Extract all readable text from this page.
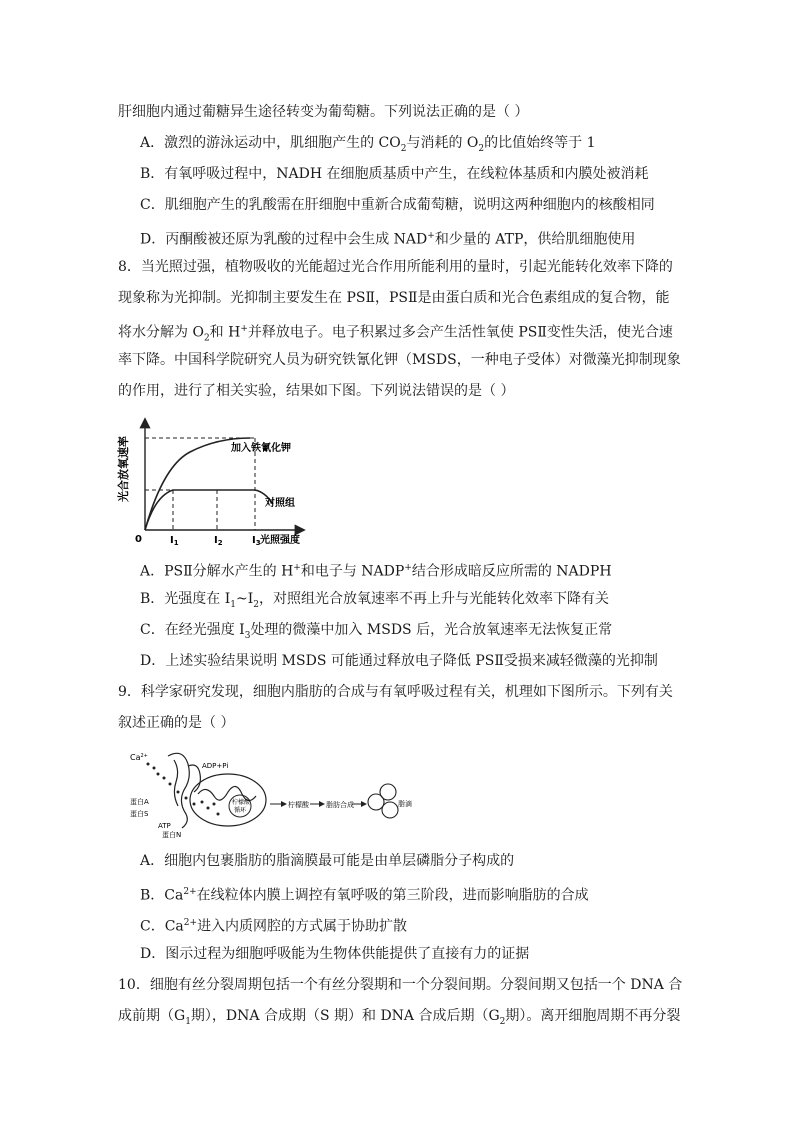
肝细胞内通过葡糖异生途径转变为葡萄糖。下列说法正确的是（ ）
A．激烈的游泳运动中，肌细胞产生的 $CO_2$与消耗的 $O_2$的比值始终等于 1
B．有氧呼吸过程中，NADH 在细胞质基质中产生，在线粒体基质和内膜处被消耗
C．肌细胞产生的乳酸需在肝细胞中重新合成葡萄糖，说明这两种细胞内的核酸相同
D．丙酮酸被还原为乳酸的过程中会生成 NAD+和少量的 ATP，供给肌细胞使用
8．当光照过强，植物吸收的光能超过光合作用所能利用的量时，引起光能转化效率下降的
现象称为光抑制。光抑制主要发生在 PSⅡ，PSⅡ是由蛋白质和光合色素组成的复合物，能
将水分解为 $O_2$和 H+并释放电子。电子积累过多会产生活性氧使 PSⅡ变性失活，使光合速
率下降。中国科学院研究人员为研究铁氰化钾（MSDS，一种电子受体）对微藻光抑制现象
的作用，进行了相关实验，结果如下图。下列说法错误的是（ ）
光合放氧速率
0	光照强度
加入铁氰化钾
对照组
$I_1$	$I_2$	$I_3$
A．PSⅡ分解水产生的 H+和电子与 NADP+结合形成暗反应所需的 NADPH
B．光强度在 $I_1\sim I_2$，对照组光合放氧速率不再上升与光能转化效率下降有关
C．在经光强度 $I_3$处理的微藻中加入 MSDS 后，光合放氧速率无法恢复正常
D．上述实验结果说明 MSDS 可能通过释放电子降低 PSⅡ受损来减轻微藻的光抑制
9．科学家研究发现，细胞内脂肪的合成与有氧呼吸过程有关，机理如下图所示。下列有关
叙述正确的是（ ）
$Ca^{2+}$
ADP+Pi
蛋白A
蛋白S
ATP
蛋白N
柠檬酸
循环
柠檬酸 脂肪合成	脂滴
A．细胞内包裹脂肪的脂滴膜最可能是由单层磷脂分子构成的
B．$Ca^{2+}$在线粒体内膜上调控有氧呼吸的第三阶段，进而影响脂肪的合成
C．$Ca^{2+}$进入内质网腔的方式属于协助扩散
D．图示过程为细胞呼吸能为生物体供能提供了直接有力的证据
10．细胞有丝分裂周期包括一个有丝分裂期和一个分裂间期。分裂间期又包括一个 DNA 合
成前期（$G_1$期），DNA 合成期（S 期）和 DNA 合成后期（$G_2$期）。离开细胞周期不再分裂
